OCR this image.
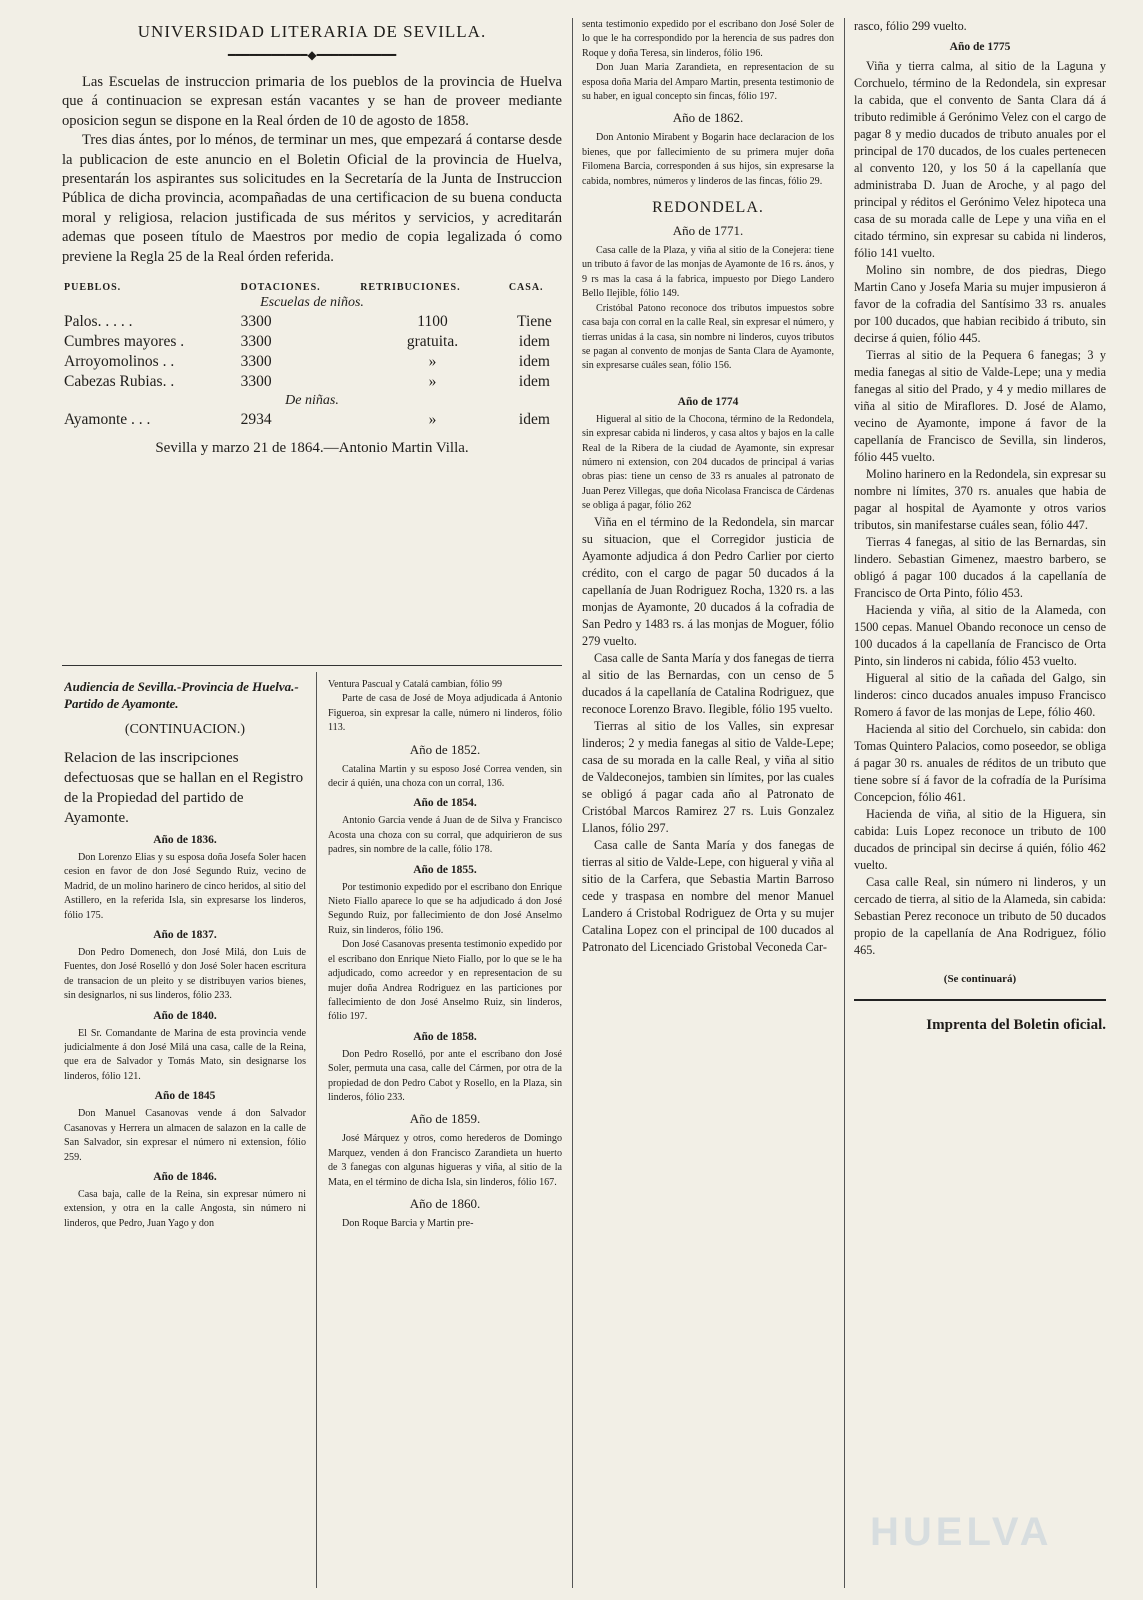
UNIVERSIDAD LITERARIA DE SEVILLA.
━━━━━━━━━━━◆━━━━━━━━━━━

Las Escuelas de instruccion primaria de los pueblos de la provincia de Huelva que á continuacion se expresan están vacantes y se han de proveer mediante oposicion segun se dispone en la Real órden de 10 de agosto de 1858.

Tres dias ántes, por lo ménos, de terminar un mes, que empezará á contarse desde la publicacion de este anuncio en el Boletin Oficial de la provincia de Huelva, presentarán los aspirantes sus solicitudes en la Secretaría de la Junta de Instruccion Pública de dicha provincia, acompañadas de una certificacion de su buena conducta moral y religiosa, relacion justificada de sus méritos y servicios, y acreditarán ademas que poseen título de Maestros por medio de copia legalizada ó como previene la Regla 25 de la Real órden referida.

PUEBLOS.	DOTACIONES.	RETRIBUCIONES.	CASA.
Escuelas de niños.			
Palos. . . . .	3300	1100	Tiene
Cumbres mayores .	3300	gratuita.	idem
Arroyomolinos . .	3300	»	idem
Cabezas Rubias. .	3300	»	idem
De niñas.			
Ayamonte . . .	2934	»	idem
Sevilla y marzo 21 de 1864.—Antonio Martin Villa.

Audiencia de Sevilla.-Provincia de Huelva.-Partido de Ayamonte.

(CONTINUACION.)

Relacion de las inscripciones defectuosas que se hallan en el Registro de la Propiedad del partido de Ayamonte.

Año de 1836.

Don Lorenzo Elias y su esposa doña Josefa Soler hacen cesion en favor de don José Segundo Ruiz, vecino de Madrid, de un molino harinero de cinco heridos, al sitio del Astillero, en la referida Isla, sin expresarse los linderos, fólio 175.

Año de 1837.

Don Pedro Domenech, don José Milá, don Luis de Fuentes, don José Roselló y don José Soler hacen escritura de transacion de un pleito y se distribuyen varios bienes, sin designarlos, ni sus linderos, fólio 233.

Año de 1840.

El Sr. Comandante de Marina de esta provincia vende judicialmente á don José Milá una casa, calle de la Reina, que era de Salvador y Tomás Mato, sin designarse los linderos, fólio 121.

Año de 1845

Don Manuel Casanovas vende á don Salvador Casanovas y Herrera un almacen de salazon en la calle de San Salvador, sin expresar el número ni extension, fólio 259.

Año de 1846.

Casa baja, calle de la Reina, sin expresar número ni extension, y otra en la calle Angosta, sin número ni linderos, que Pedro, Juan Yago y don

Ventura Pascual y Catalá cambian, fólio 99

Parte de casa de José de Moya adjudicada á Antonio Figueroa, sin expresar la calle, número ni linderos, fólio 113.

Año de 1852.

Catalina Martin y su esposo José Correa venden, sin decir á quién, una choza con un corral, 136.

Año de 1854.

Antonio Garcia vende á Juan de de Silva y Francisco Acosta una choza con su corral, que adquirieron de sus padres, sin nombre de la calle, fólio 178.

Año de 1855.

Por testimonio expedido por el escribano don Enrique Nieto Fiallo aparece lo que se ha adjudicado á don José Segundo Ruiz, por fallecimiento de don José Anselmo Ruiz, sin linderos, fólio 196.

Don José Casanovas presenta testimonio expedido por el escribano don Enrique Nieto Fiallo, por lo que se le ha adjudicado, como acreedor y en representacion de su mujer doña Andrea Rodriguez en las particiones por fallecimiento de don José Anselmo Ruiz, sin linderos, fólio 197.

Año de 1858.

Don Pedro Roselló, por ante el escribano don José Soler, permuta una casa, calle del Cármen, por otra de la propiedad de don Pedro Cabot y Rosello, en la Plaza, sin linderos, fólio 233.

Año de 1859.

José Márquez y otros, como herederos de Domingo Marquez, venden á don Francisco Zarandieta un huerto de 3 fanegas con algunas higueras y viña, al sitio de la Mata, en el término de dicha Isla, sin linderos, fólio 167.

Año de 1860.

Don Roque Barcia y Martin pre-

senta testimonio expedido por el escribano don José Soler de lo que le ha correspondido por la herencia de sus padres don Roque y doña Teresa, sin linderos, fólio 196.

Don Juan Maria Zarandieta, en representacion de su esposa doña Maria del Amparo Martin, presenta testimonio de su haber, en igual concepto sin fincas, fólio 197.

Año de 1862.

Don Antonio Mirabent y Bogarin hace declaracion de los bienes, que por fallecimiento de su primera mujer doña Filomena Barcia, corresponden á sus hijos, sin expresarse la cabida, nombres, números y linderos de las fincas, fólio 29.

REDONDELA.
Año de 1771.

Casa calle de la Plaza, y viña al sitio de la Conejera: tiene un tributo á favor de las monjas de Ayamonte de 16 rs. ános, y 9 rs mas la casa á la fabrica, impuesto por Diego Landero Bello Ilejible, fólio 149.

Cristóbal Patono reconoce dos tributos impuestos sobre casa baja con corral en la calle Real, sin expresar el número, y tierras unidas á la casa, sin nombre ni linderos, cuyos tributos se pagan al convento de monjas de Santa Clara de Ayamonte, sin expresarse cuáles sean, fólio 156.

Año de 1774

Higueral al sitio de la Chocona, término de la Redondela, sin expresar cabida ni linderos, y casa altos y bajos en la calle Real de la Ribera de la ciudad de Ayamonte, sin expresar número ni extension, con 204 ducados de principal á varias obras pias: tiene un censo de 33 rs anuales al patronato de Juan Perez Villegas, que doña Nicolasa Francisca de Cárdenas se obliga á pagar, fólio 262

Viña en el término de la Redondela, sin marcar su situacion, que el Corregidor justicia de Ayamonte adjudica á don Pedro Carlier por cierto crédito, con el cargo de pagar 50 ducados á la capellanía de Juan Rodriguez Rocha, 1320 rs. a las monjas de Ayamonte, 20 ducados á la cofradia de San Pedro y 1483 rs. á las monjas de Moguer, fólio 279 vuelto.

Casa calle de Santa María y dos fanegas de tierra al sitio de las Bernardas, con un censo de 5 ducados á la capellanía de Catalina Rodriguez, que reconoce Lorenzo Bravo. Ilegible, fólio 195 vuelto.

Tierras al sitio de los Valles, sin expresar linderos; 2 y media fanegas al sitio de Valde-Lepe; casa de su morada en la calle Real, y viña al sitio de Valdeconejos, tambien sin límites, por las cuales se obligó á pagar cada año al Patronato de Cristóbal Marcos Ramirez 27 rs. Luis Gonzalez Llanos, fólio 297.

Casa calle de Santa María y dos fanegas de tierras al sitio de Valde-Lepe, con higueral y viña al sitio de la Carfera, que Sebastia Martin Barroso cede y traspasa en nombre del menor Manuel Landero á Cristobal Rodriguez de Orta y su mujer Catalina Lopez con el principal de 100 ducados al Patronato del Licenciado Gristobal Veconeda Car-

rasco, fólio 299 vuelto.

Año de 1775

Viña y tierra calma, al sitio de la Laguna y Corchuelo, término de la Redondela, sin expresar la cabida, que el convento de Santa Clara dá á tributo redimible á Gerónimo Velez con el cargo de pagar 8 y medio ducados de tributo anuales por el principal de 170 ducados, de los cuales pertenecen al convento 120, y los 50 á la capellanía que administraba D. Juan de Aroche, y al pago del principal y réditos el Gerónimo Velez hipoteca una casa de su morada calle de Lepe y una viña en el citado término, sin expresar su cabida ni linderos, fólio 141 vuelto.

Molino sin nombre, de dos piedras, Diego Martin Cano y Josefa Maria su mujer impusieron á favor de la cofradia del Santísimo 33 rs. anuales por 100 ducados, que habian recibido á tributo, sin decirse á quien, fólio 445.

Tierras al sitio de la Pequera 6 fanegas; 3 y media fanegas al sitio de Valde-Lepe; una y media fanegas al sitio del Prado, y 4 y medio millares de viña al sitio de Miraflores. D. José de Alamo, vecino de Ayamonte, impone á favor de la capellanía de Francisco de Sevilla, sin linderos, fólio 445 vuelto.

Molino harinero en la Redondela, sin expresar su nombre ni límites, 370 rs. anuales que habia de pagar al hospital de Ayamonte y otros varios tributos, sin manifestarse cuáles sean, fólio 447.

Tierras 4 fanegas, al sitio de las Bernardas, sin lindero. Sebastian Gimenez, maestro barbero, se obligó á pagar 100 ducados á la capellanía de Francisco de Orta Pinto, fólio 453.

Hacienda y viña, al sitio de la Alameda, con 1500 cepas. Manuel Obando reconoce un censo de 100 ducados á la capellanía de Francisco de Orta Pinto, sin linderos ni cabida, fólio 453 vuelto.

Higueral al sitio de la cañada del Galgo, sin linderos: cinco ducados anuales impuso Francisco Romero á favor de las monjas de Lepe, fólio 460.

Hacienda al sitio del Corchuelo, sin cabida: don Tomas Quintero Palacios, como poseedor, se obliga á pagar 30 rs. anuales de réditos de un tributo que tiene sobre sí á favor de la cofradía de la Purísima Concepcion, fólio 461.

Hacienda de viña, al sitio de la Higuera, sin cabida: Luis Lopez reconoce un tributo de 100 ducados de principal sin decirse á quién, fólio 462 vuelto.

Casa calle Real, sin número ni linderos, y un cercado de tierra, al sitio de la Alameda, sin cabida: Sebastian Perez reconoce un tributo de 50 ducados propio de la capellanía de Ana Rodriguez, fólio 465.

(Se continuará)
Imprenta del Boletin oficial.
HUELVA
